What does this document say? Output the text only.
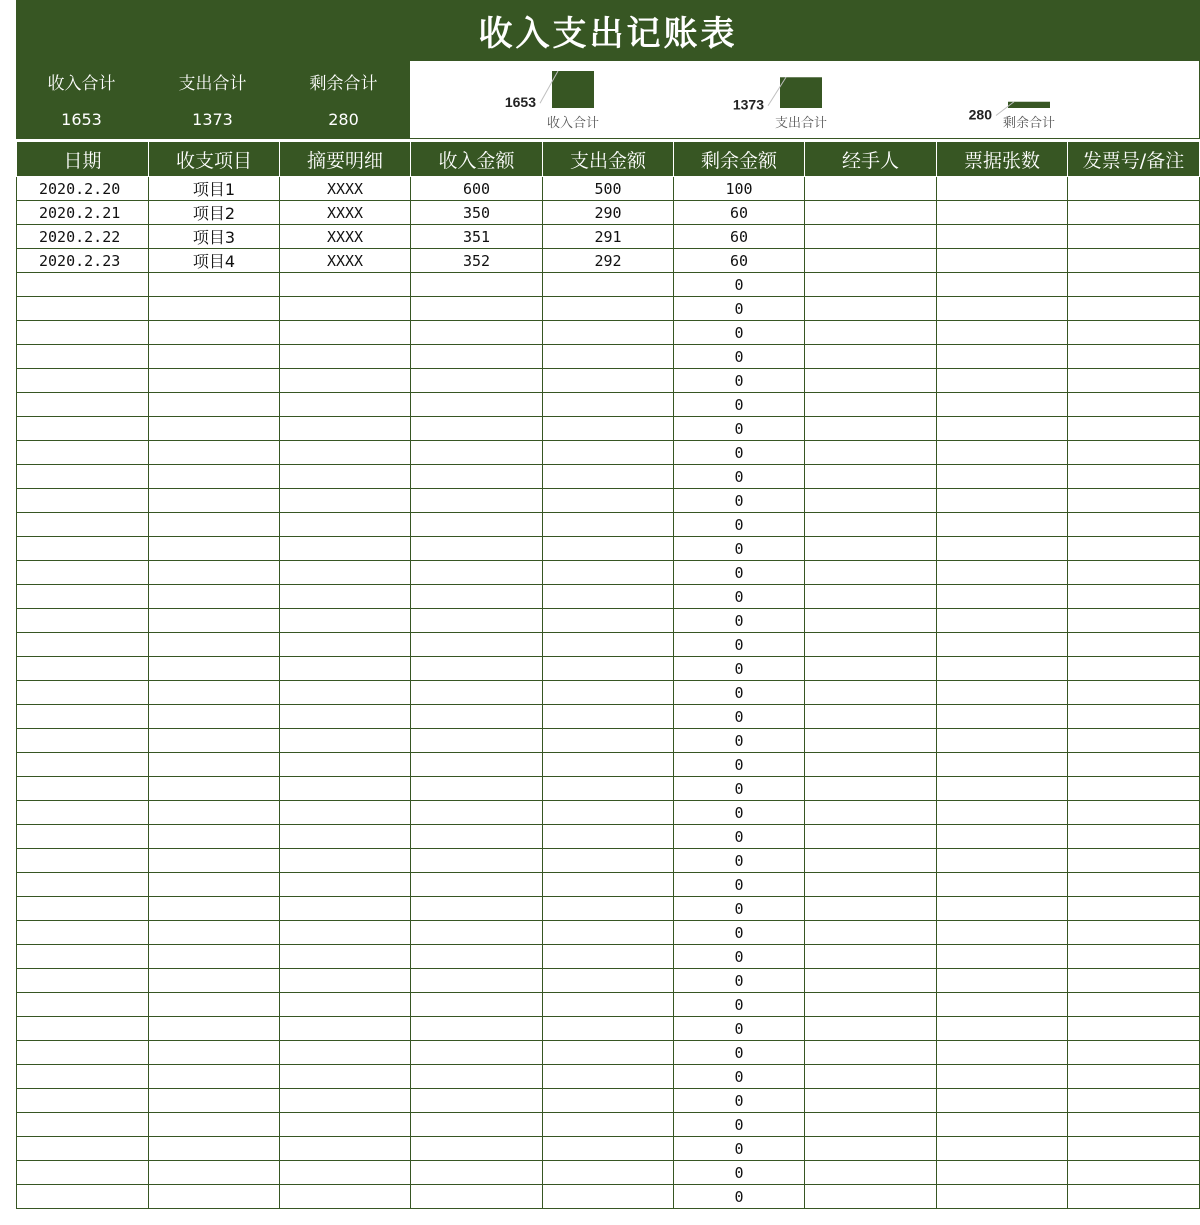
收入支出记账表
收入合计
1653
支出合计
1373
剩余合计
280
1653
收入合计
1373
支出合计
280
剩余合计
日期	收支项目	摘要明细	收入金额	支出金额	剩余金额	经手人	票据张数	发票号/备注
2020.2.20	项目1	XXXX	600	500	100			
2020.2.21	项目2	XXXX	350	290	60			
2020.2.22	项目3	XXXX	351	291	60			
2020.2.23	项目4	XXXX	352	292	60			
					0			
					0			
					0			
					0			
					0			
					0			
					0			
					0			
					0			
					0			
					0			
					0			
					0			
					0			
					0			
					0			
					0			
					0			
					0			
					0			
					0			
					0			
					0			
					0			
					0			
					0			
					0			
					0			
					0			
					0			
					0			
					0			
					0			
					0			
					0			
					0			
					0			
					0			
					0			
